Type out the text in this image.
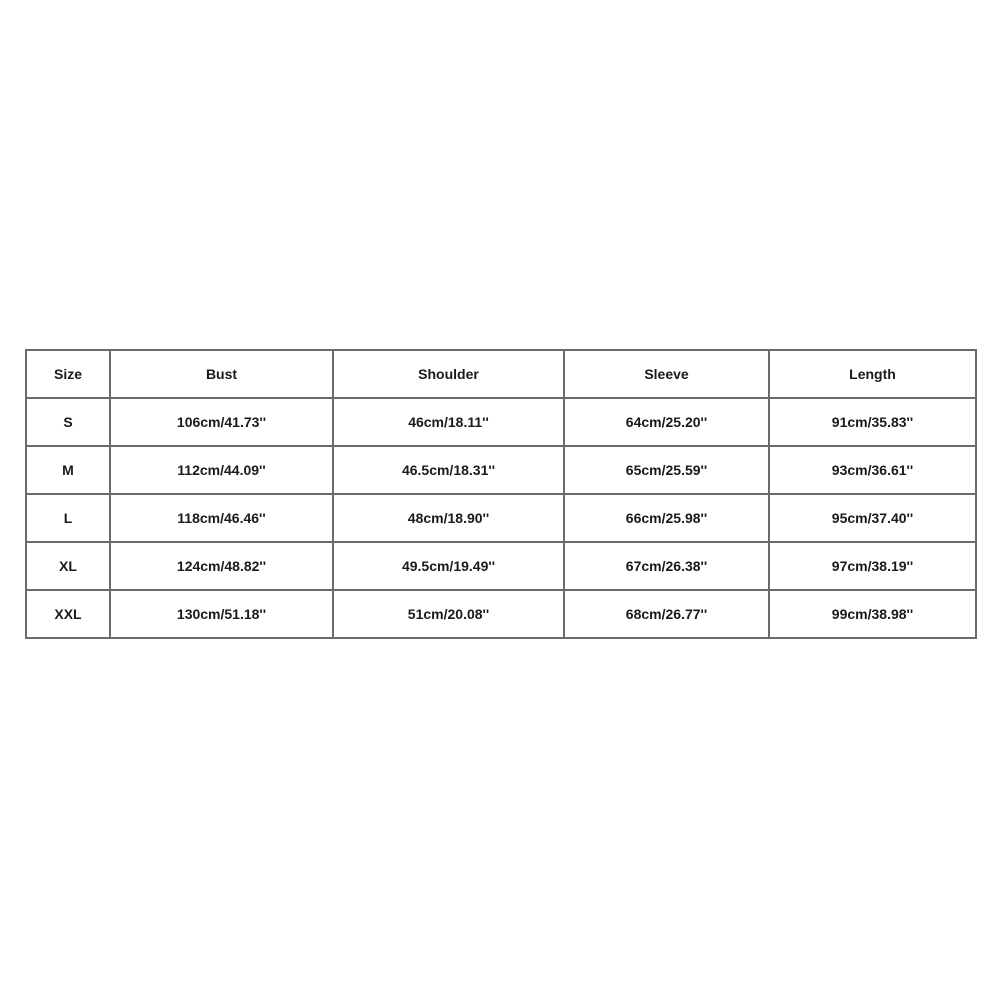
Size	Bust	Shoulder	Sleeve	Length
S	106cm/41.73''	46cm/18.11''	64cm/25.20''	91cm/35.83''
M	112cm/44.09''	46.5cm/18.31''	65cm/25.59''	93cm/36.61''
L	118cm/46.46''	48cm/18.90''	66cm/25.98''	95cm/37.40''
XL	124cm/48.82''	49.5cm/19.49''	67cm/26.38''	97cm/38.19''
XXL	130cm/51.18''	51cm/20.08''	68cm/26.77''	99cm/38.98''
